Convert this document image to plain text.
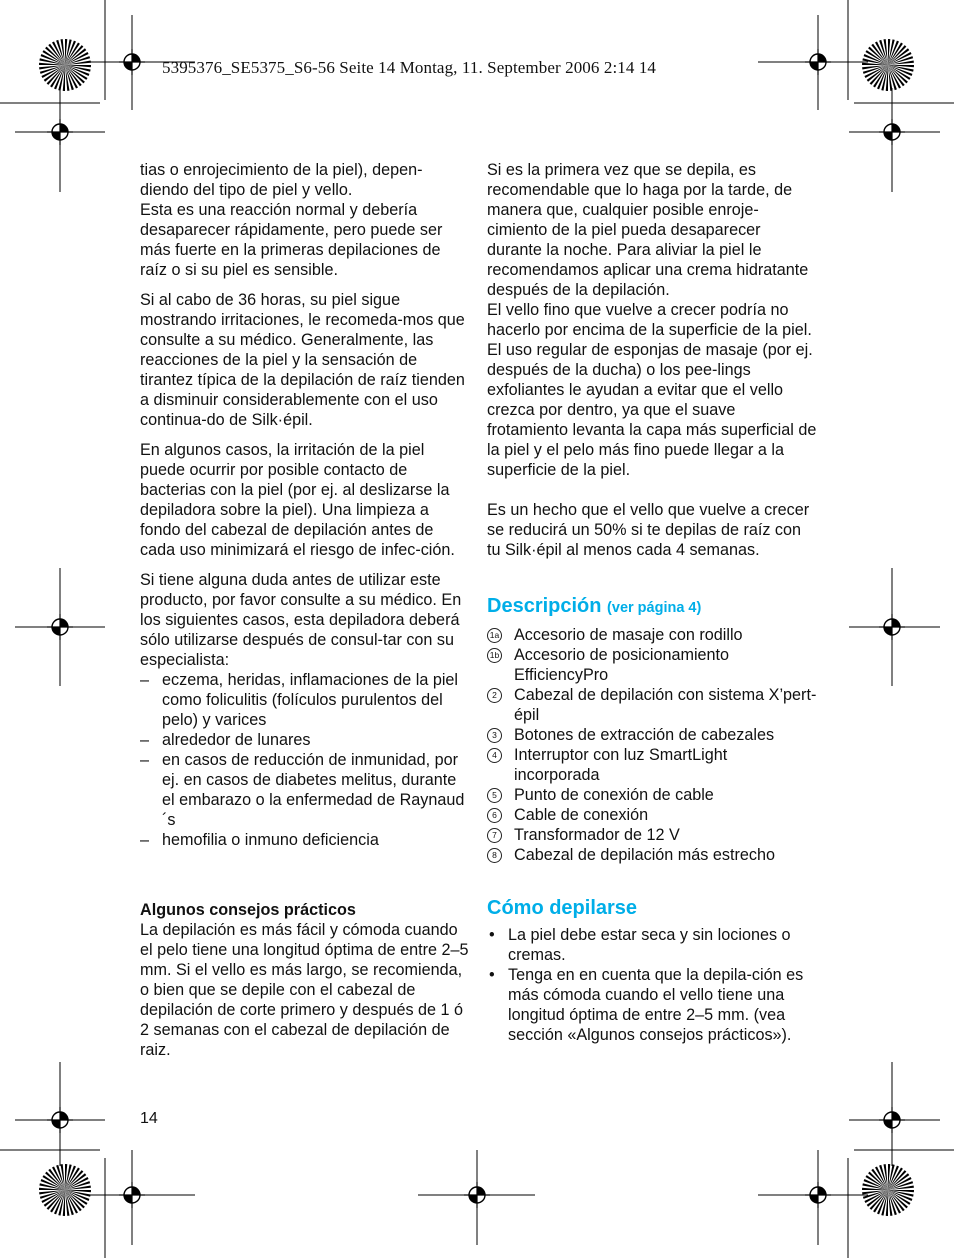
5395376_SE5375_S6-56 Seite 14 Montag, 11. September 2006 2:14 14

tias o enrojecimiento de la piel), depen-

diendo del tipo de piel y vello.

Esta es una reacción normal y debería desaparecer rápidamente, pero puede ser más fuerte en la primeras depilaciones de raíz o si su piel es sensible.

Si al cabo de 36 horas, su piel sigue mostrando irritaciones, le recomeda-mos que consulte a su médico. Generalmente, las reacciones de la piel y la sensación de tirantez típica de la depilación de raíz tienden a disminuir considerablemente con el uso continua-do de Silk·épil.

En algunos casos, la irritación de la piel puede ocurrir por posible contacto de bacterias con la piel (por ej. al deslizarse la depiladora sobre la piel). Una limpieza a fondo del cabezal de depilación antes de cada uso minimizará el riesgo de infec-ción.

Si tiene alguna duda antes de utilizar este producto, por favor consulte a su médico. En los siguientes casos, esta depiladora deberá sólo utilizarse después de consul-tar con su especialista:

– eczema, heridas, inflamaciones de la piel como foliculitis (folículos purulentos del pelo) y varices
– alrededor de lunares
– en casos de reducción de inmunidad, por ej. en casos de diabetes melitus, durante el embarazo o la enfermedad de Raynaud´s
– hemofilia o inmuno deficiencia

Algunos consejos prácticos

La depilación es más fácil y cómoda cuando el pelo tiene una longitud óptima de entre 2–5 mm. Si el vello es más largo, se recomienda, o bien que se depile con el cabezal de depilación de corte primero y después de 1 ó 2 semanas con el cabezal de depilación de raiz.

Si es la primera vez que se depila, es recomendable que lo haga por la tarde, de manera que, cualquier posible enroje-cimiento de la piel pueda desaparecer durante la noche. Para aliviar la piel le recomendamos aplicar una crema hidratante después de la depilación.

El vello fino que vuelve a crecer podría no hacerlo por encima de la superficie de la piel. El uso regular de esponjas de masaje (por ej. después de la ducha) o los pee-lings exfoliantes le ayudan a evitar que el vello crezca por dentro, ya que el suave frotamiento levanta la capa más superficial de la piel y el pelo más fino puede llegar a la superficie de la piel.

Es un hecho que el vello que vuelve a crecer se reducirá un 50% si te depilas de raíz con tu Silk·épil al menos cada 4 semanas.

Descripción (ver página 4)
1a Accesorio de masaje con rodillo
1b Accesorio de posicionamiento EfficiencyPro
2	Cabezal de depilación con sistema X’pert-épil
3	Botones de extracción de cabezales
4	Interruptor con luz SmartLight incorporada
5	Punto de conexión de cable
6	Cable de conexión
7	Transformador de 12 V
8	Cabezal de depilación más estrecho
Cómo depilarse
• La piel debe estar seca y sin lociones o cremas.
• Tenga en en cuenta que la depila-ción es más cómoda cuando el vello tiene una longitud óptima de entre 2–5 mm. (vea sección «Algunos consejos prácticos»).
14
